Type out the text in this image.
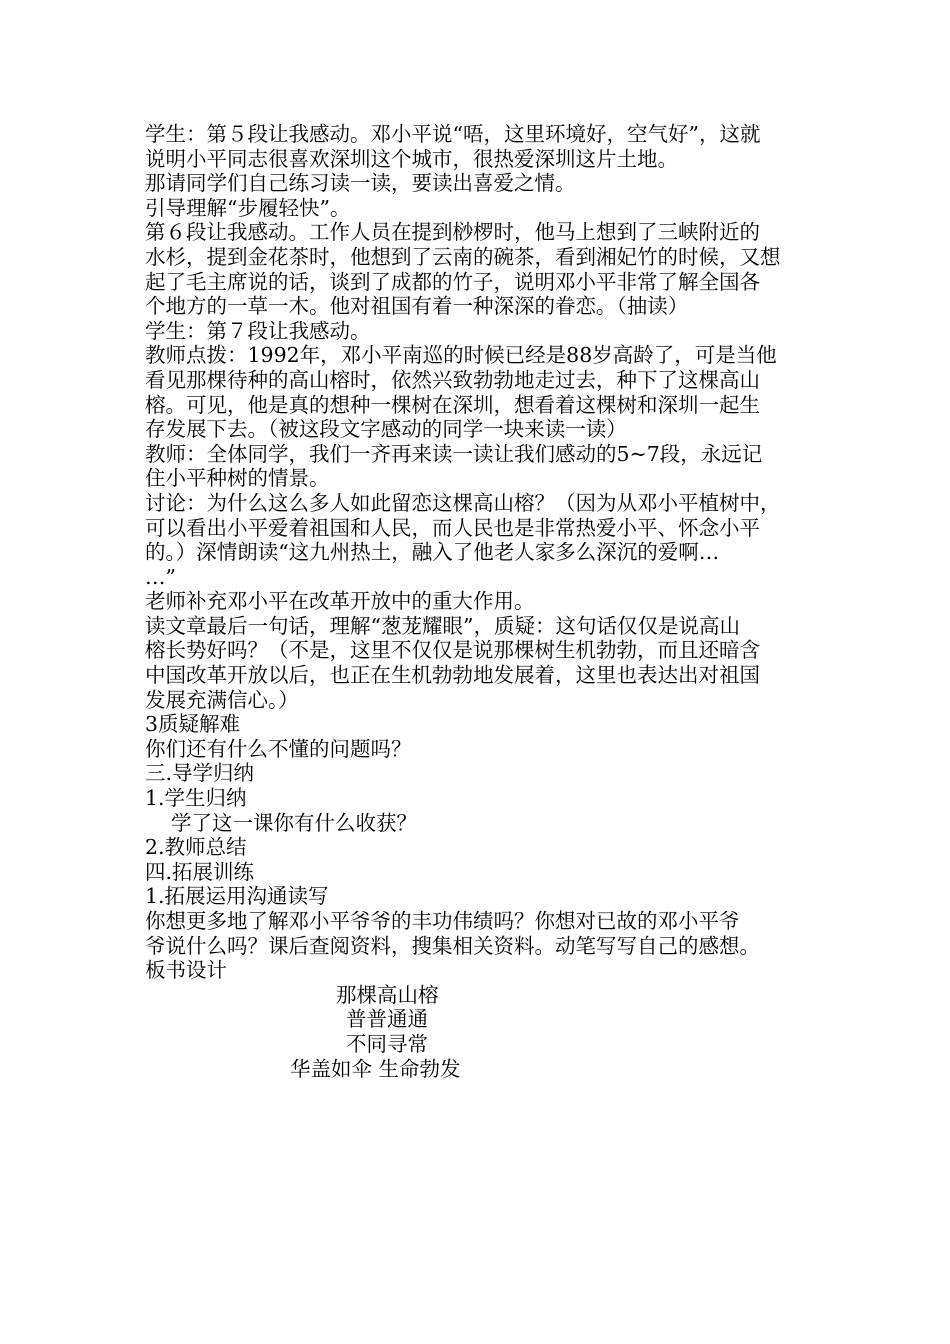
学生：第５段让我感动。邓小平说“唔，这里环境好，空气好”，这就

说明小平同志很喜欢深圳这个城市，很热爱深圳这片土地。

那请同学们自己练习读一读，要读出喜爱之情。

引导理解“步履轻快”。

第６段让我感动。工作人员在提到桫椤时，他马上想到了三峡附近的

水杉，提到金花茶时，他想到了云南的碗茶，看到湘妃竹的时候，又想

起了毛主席说的话，谈到了成都的竹子，说明邓小平非常了解全国各

个地方的一草一木。他对祖国有着一种深深的眷恋。（抽读）

学生：第７段让我感动。

教师点拨：1992年，邓小平南巡的时候已经是88岁高龄了，可是当他

看见那棵待种的高山榕时，依然兴致勃勃地走过去，种下了这棵高山

榕。可见，他是真的想种一棵树在深圳，想看着这棵树和深圳一起生

存发展下去。（被这段文字感动的同学一块来读一读）

教师：全体同学，我们一齐再来读一读让我们感动的5~7段，永远记

住小平种树的情景。

讨论：为什么这么多人如此留恋这棵高山榕？（因为从邓小平植树中，

可以看出小平爱着祖国和人民，而人民也是非常热爱小平、怀念小平

的。）深情朗读“这九州热土，融入了他老人家多么深沉的爱啊…

…”

老师补充邓小平在改革开放中的重大作用。

读文章最后一句话，理解“葱茏耀眼”，质疑：这句话仅仅是说高山

榕长势好吗？（不是，这里不仅仅是说那棵树生机勃勃，而且还暗含

中国改革开放以后，也正在生机勃勃地发展着，这里也表达出对祖国

发展充满信心。）

3质疑解难

你们还有什么不懂的问题吗？

三.导学归纳

1.学生归纳

学了这一课你有什么收获？

2.教师总结

四.拓展训练

1.拓展运用沟通读写

你想更多地了解邓小平爷爷的丰功伟绩吗？你想对已故的邓小平爷

爷说什么吗？课后查阅资料，搜集相关资料。动笔写写自己的感想。

板书设计

那棵高山榕
普普通通
不同寻常
华盖如伞 生命勃发
